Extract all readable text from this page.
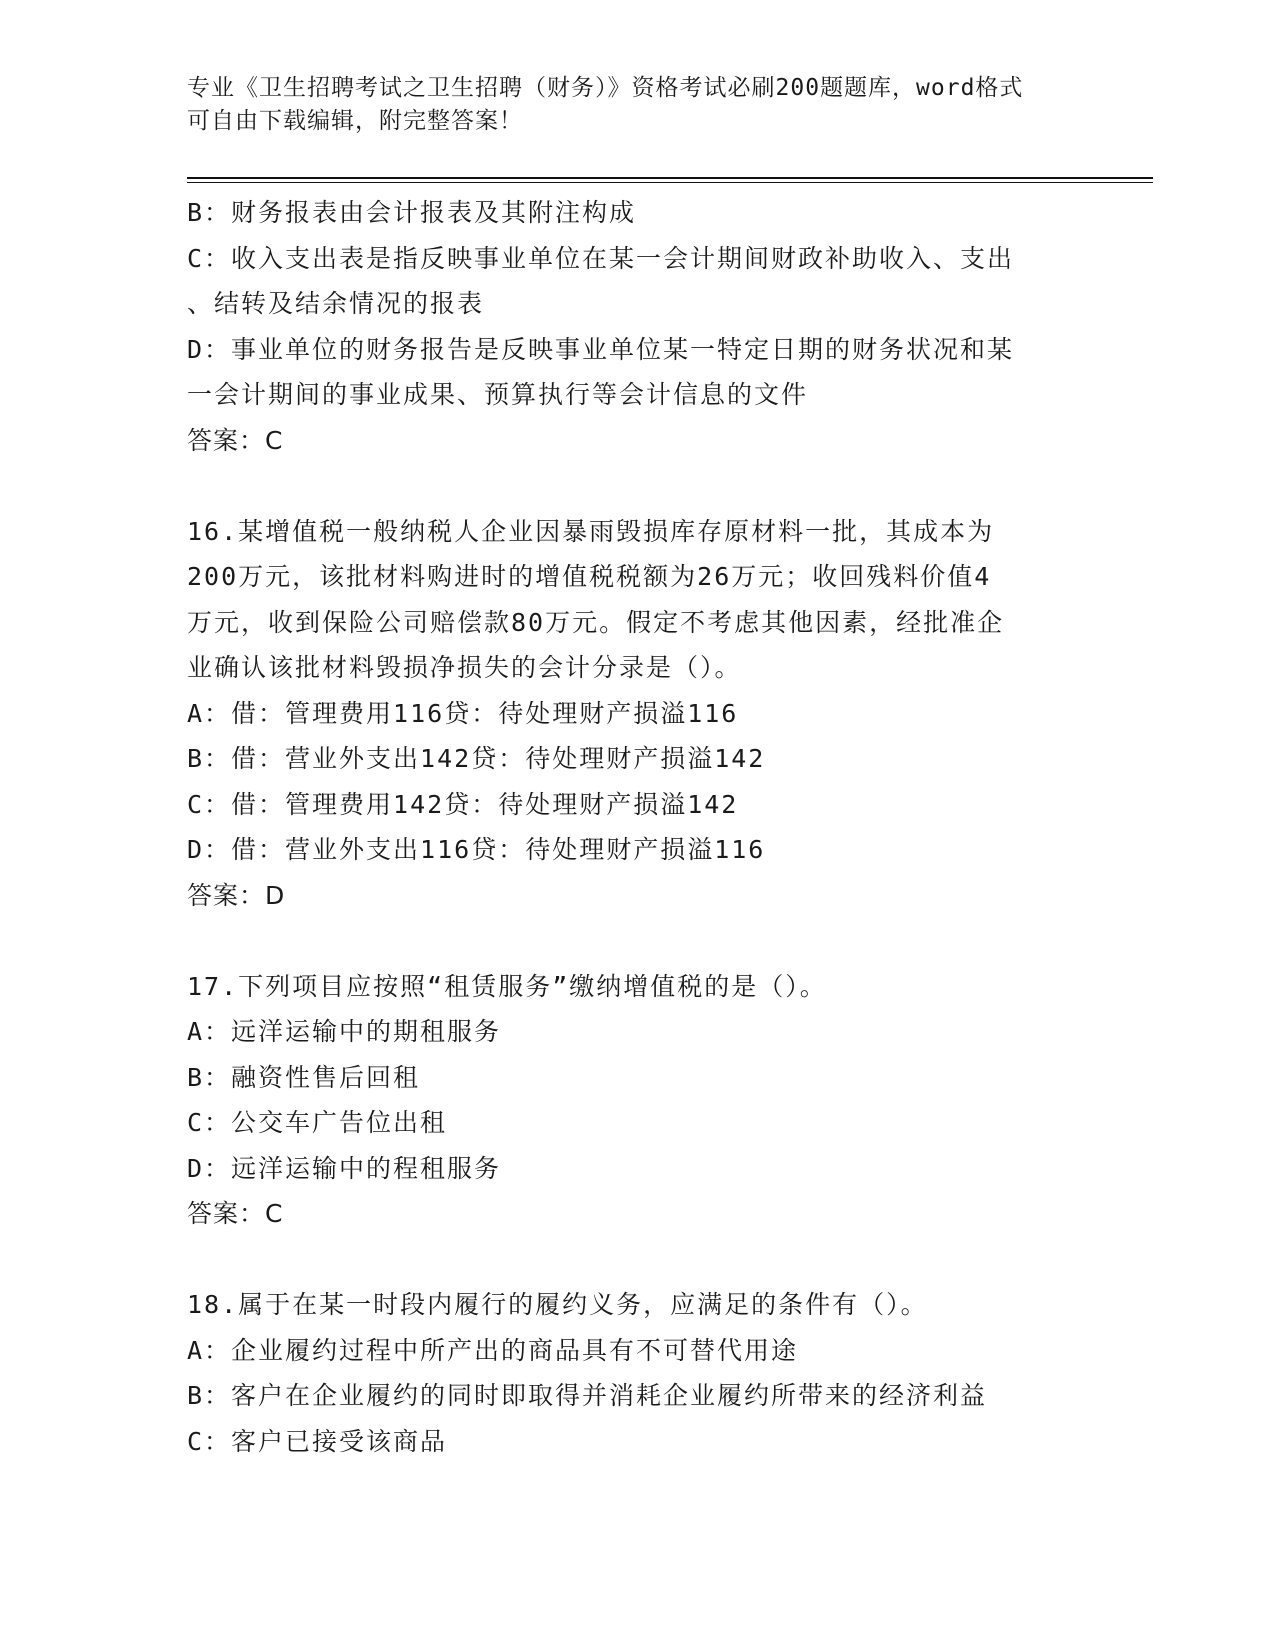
专业《卫生招聘考试之卫生招聘（财务）》资格考试必刷200题题库，word格式
可自由下载编辑，附完整答案！
B：财务报表由会计报表及其附注构成
C：收入支出表是指反映事业单位在某一会计期间财政补助收入、支出
、结转及结余情况的报表
D：事业单位的财务报告是反映事业单位某一特定日期的财务状况和某
一会计期间的事业成果、预算执行等会计信息的文件
答案：C
16.某增值税一般纳税人企业因暴雨毁损库存原材料一批，其成本为
200万元，该批材料购进时的增值税税额为26万元；收回残料价值4
万元，收到保险公司赔偿款80万元。假定不考虑其他因素，经批准企
业确认该批材料毁损净损失的会计分录是（）。
A：借：管理费用116贷：待处理财产损溢116
B：借：营业外支出142贷：待处理财产损溢142
C：借：管理费用142贷：待处理财产损溢142
D：借：营业外支出116贷：待处理财产损溢116
答案：D
17.下列项目应按照“租赁服务”缴纳增值税的是（）。
A：远洋运输中的期租服务
B：融资性售后回租
C：公交车广告位出租
D：远洋运输中的程租服务
答案：C
18.属于在某一时段内履行的履约义务，应满足的条件有（）。
A：企业履约过程中所产出的商品具有不可替代用途
B：客户在企业履约的同时即取得并消耗企业履约所带来的经济利益
C：客户已接受该商品
